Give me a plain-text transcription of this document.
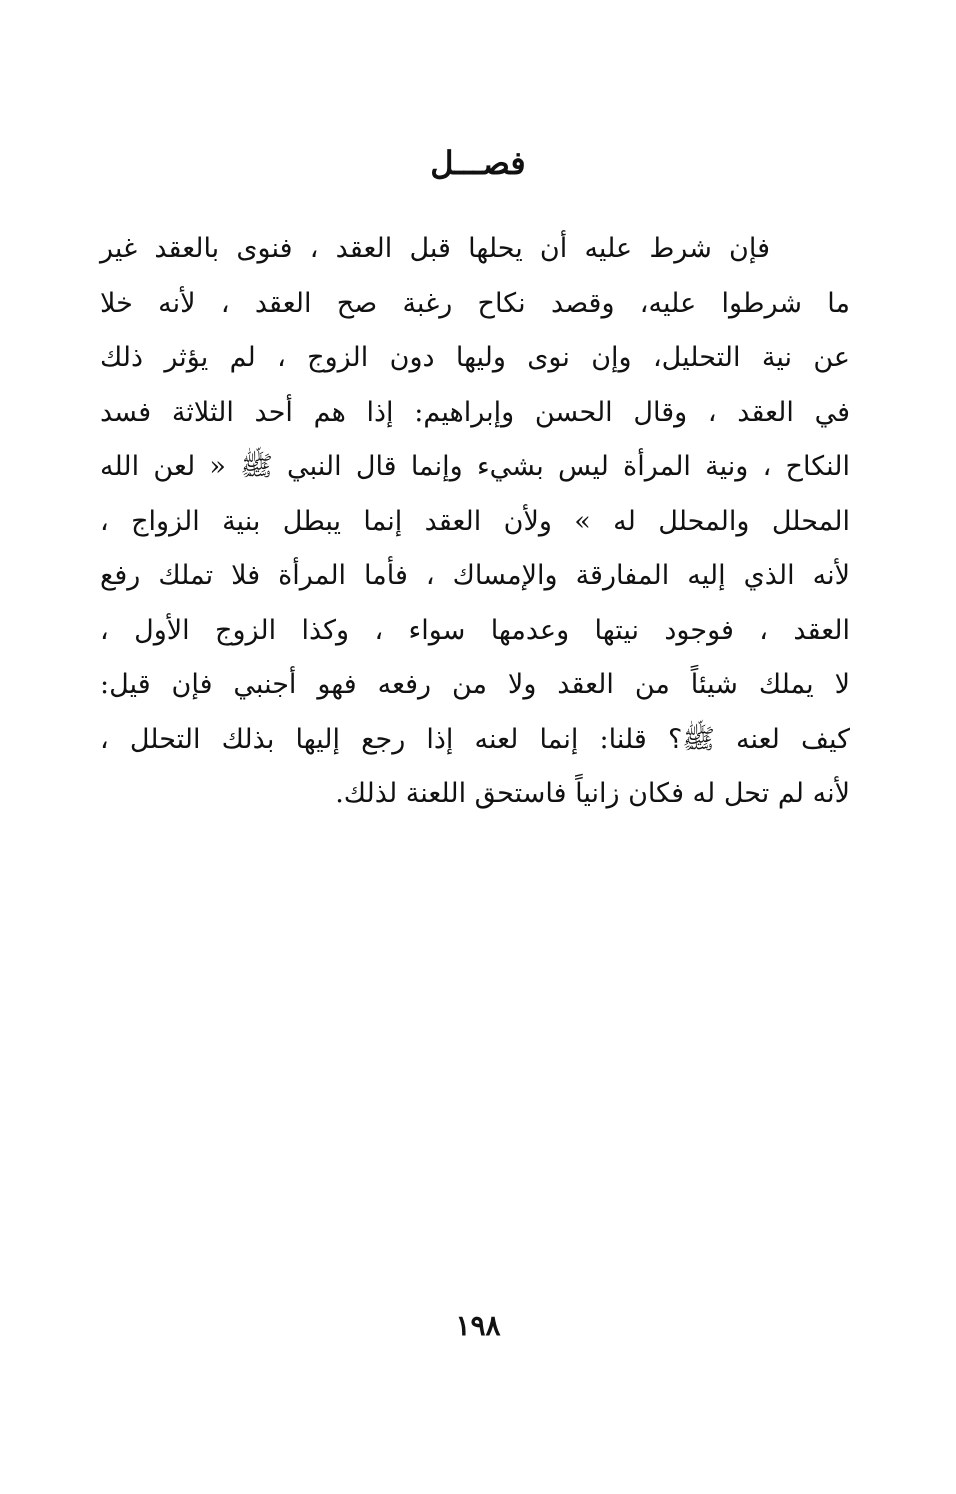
فصـــل
فإن شرط عليه أن يحلها قبل العقد ، فنوى بالعقد غير
ما شرطوا عليه، وقصد نكاح رغبة صح العقد ، لأنه خلا
عن نية التحليل، وإن نوى وليها دون الزوج ، لم يؤثر ذلك
في العقد ، وقال الحسن وإبراهيم: إذا هم أحد الثلاثة فسد
النكاح ، ونية المرأة ليس بشيء وإنما قال النبي ﷺ « لعن الله
المحلل والمحلل له » ولأن العقد إنما يبطل بنية الزواج ،
لأنه الذي إليه المفارقة والإمساك ، فأما المرأة فلا تملك رفع
العقد ، فوجود نيتها وعدمها سواء ، وكذا الزوج الأول ،
لا يملك شيئاً من العقد ولا من رفعه فهو أجنبي فإن قيل:
كيف لعنه ﷺ؟ قلنا: إنما لعنه إذا رجع إليها بذلك التحلل ،
لأنه لم تحل له فكان زانياً فاستحق اللعنة لذلك.
١٩٨
